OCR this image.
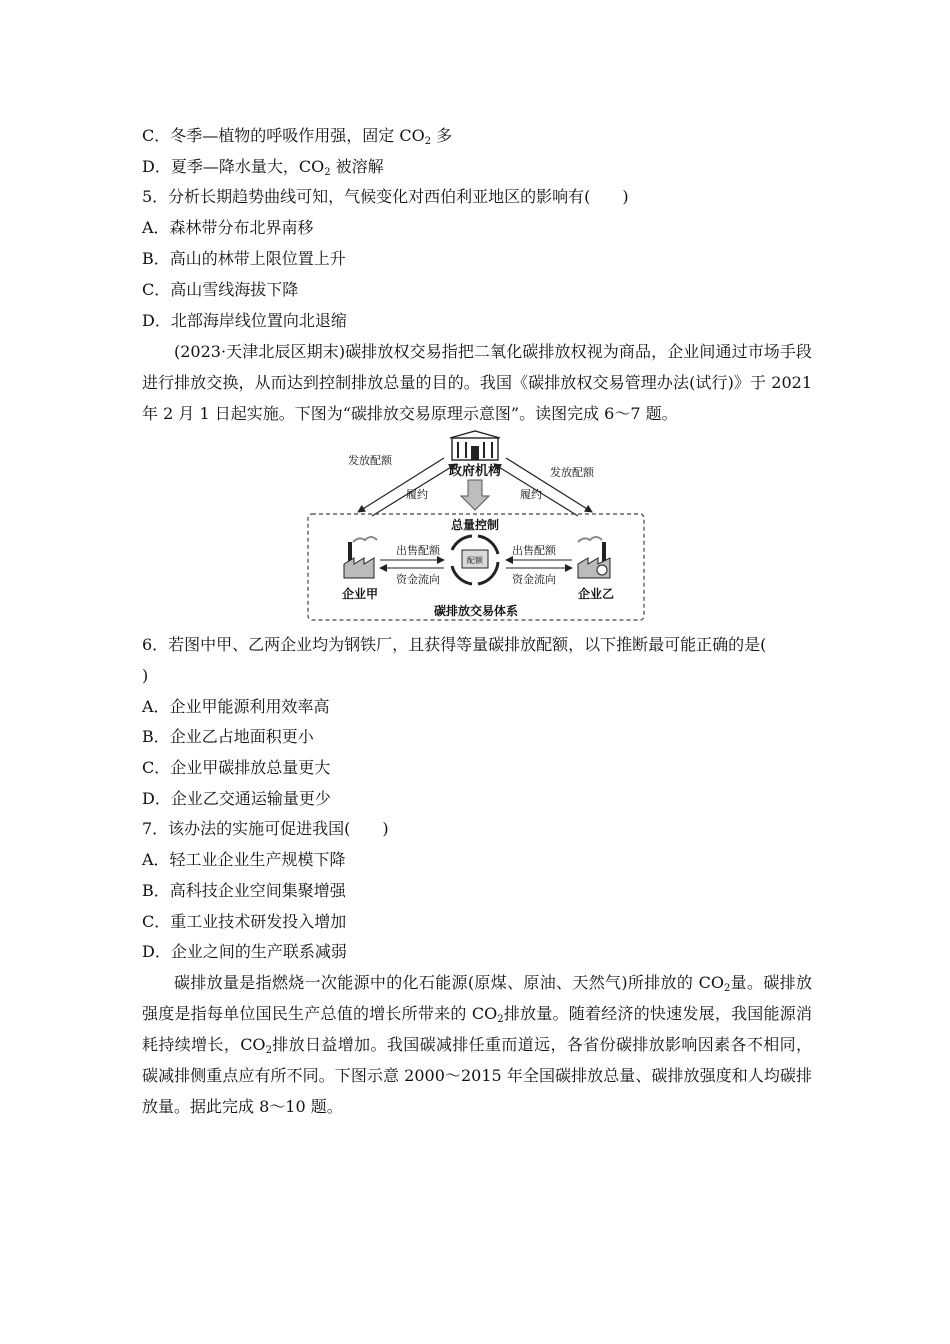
C．冬季—植物的呼吸作用强，固定 $CO_2$ 多
D．夏季—降水量大，$CO_2$ 被溶解
5．分析长期趋势曲线可知，气候变化对西伯利亚地区的影响有(　　)
A．森林带分布北界南移
B．高山的林带上限位置上升
C．高山雪线海拔下降
D．北部海岸线位置向北退缩
(2023·天津北辰区期末)碳排放权交易指把二氧化碳排放权视为商品，企业间通过市场手段进行排放交换，从而达到控制排放总量的目的。我国《碳排放权交易管理办法(试行)》于 2021 年 2 月 1 日起实施。下图为“碳排放交易原理示意图”。读图完成 6～7 题。
政府机构
发放配额
履约
发放配额
履约
总量控制
配额
出售配额
资金流向
出售配额
资金流向
企业甲	企业乙
碳排放交易体系
6．若图中甲、乙两企业均为钢铁厂，且获得等量碳排放配额，以下推断最可能正确的是(
)
A．企业甲能源利用效率高
B．企业乙占地面积更小
C．企业甲碳排放总量更大
D．企业乙交通运输量更少
7．该办法的实施可促进我国(　　)
A．轻工业企业生产规模下降
B．高科技企业空间集聚增强
C．重工业技术研发投入增加
D．企业之间的生产联系减弱
碳排放量是指燃烧一次能源中的化石能源(原煤、原油、天然气)所排放的 $CO_2$量。碳排放强度是指每单位国民生产总值的增长所带来的 $CO_2$排放量。随着经济的快速发展，我国能源消耗持续增长，$CO_2$排放日益增加。我国碳减排任重而道远，各省份碳排放影响因素各不相同，碳减排侧重点应有所不同。下图示意 2000～2015 年全国碳排放总量、碳排放强度和人均碳排放量。据此完成 8～10 题。
